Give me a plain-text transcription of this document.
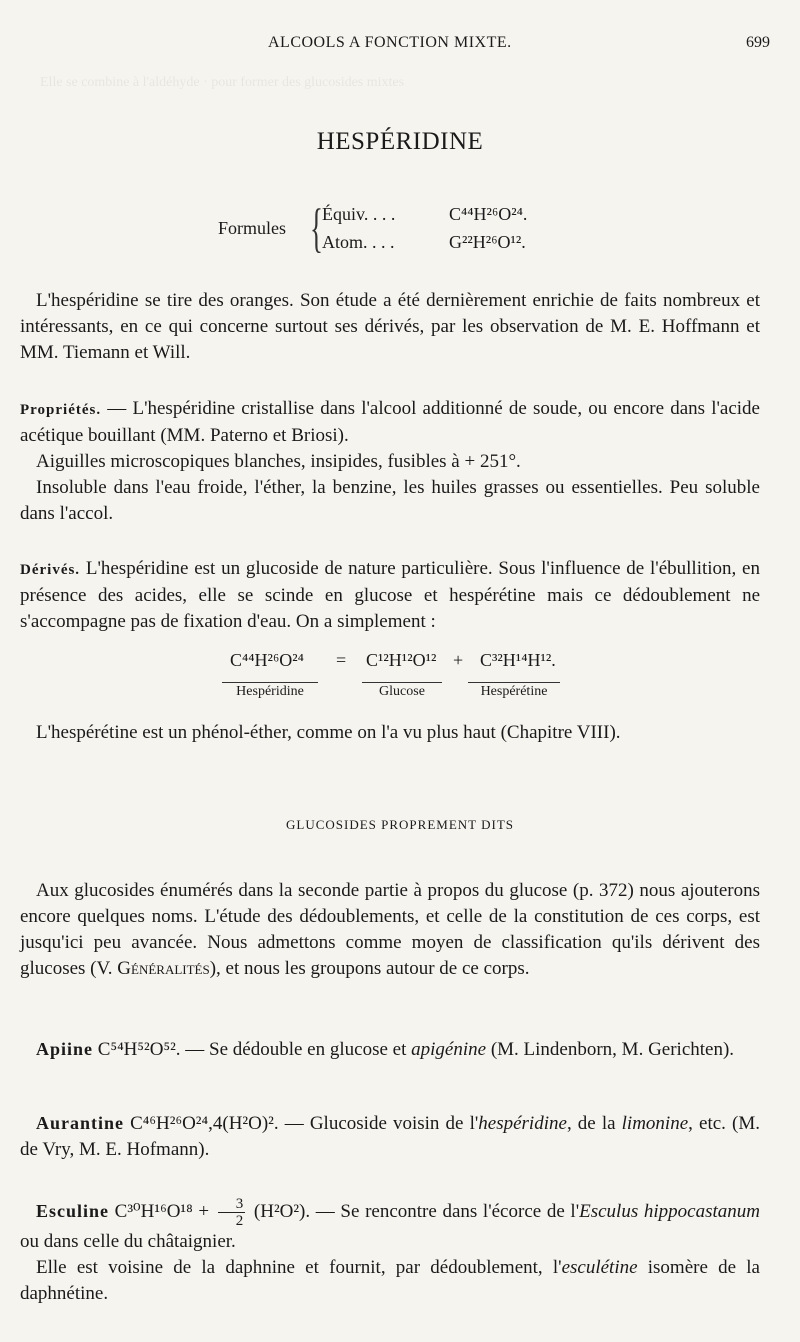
Elle se combine à l'aldéhyde · pour former des glucosides mixtes
ALCOOLS A FONCTION MIXTE.	699
HESPÉRIDINE
Formules { Équiv. . . .	C⁴⁴H²⁶O²⁴.
Atom. . . .	G²²H²⁶O¹².

L'hespéridine se tire des oranges. Son étude a été dernièrement enrichie de faits nombreux et intéressants, en ce qui concerne surtout ses dérivés, par les observation de M. E. Hoffmann et MM. Tiemann et Will.

Propriétés. — L'hespéridine cristallise dans l'alcool additionné de soude, ou encore dans l'acide acétique bouillant (MM. Paterno et Briosi).

Aiguilles microscopiques blanches, insipides, fusibles à + 251°.

Insoluble dans l'eau froide, l'éther, la benzine, les huiles grasses ou essentielles. Peu soluble dans l'accol.

Dérivés. L'hespéridine est un glucoside de nature particulière. Sous l'influence de l'ébullition, en présence des acides, elle se scinde en glucose et hespérétine mais ce dédoublement ne s'accompagne pas de fixation d'eau. On a simplement :

C⁴⁴H²⁶O²⁴ = C¹²H¹²O¹² + C³²H¹⁴H¹².
Hespéridine	Glucose	Hespérétine

L'hespérétine est un phénol-éther, comme on l'a vu plus haut (Chapitre VIII).

GLUCOSIDES PROPREMENT DITS

Aux glucosides énumérés dans la seconde partie à propos du glucose (p. 372) nous ajouterons encore quelques noms. L'étude des dédoublements, et celle de la constitution de ces corps, est jusqu'ici peu avancée. Nous admettons comme moyen de classification qu'ils dérivent des glucoses (V. Généralités), et nous les groupons autour de ce corps.

Apiine C⁵⁴H⁵²O⁵². — Se dédouble en glucose et apigénine (M. Lindenborn, M. Gerichten).

Aurantine C⁴⁶H²⁶O²⁴,4(H²O)². — Glucoside voisin de l'hespéridine, de la limonine, etc. (M. de Vry, M. E. Hofmann).

Esculine $C^{30}H^{16}O^{18} + \frac{3}{2} (H^2O^2)$. — Se rencontre dans l'écorce de l'Esculus hippocastanum ou dans celle du châtaignier.

Elle est voisine de la daphnine et fournit, par dédoublement, l'esculétine isomère de la daphnétine.
